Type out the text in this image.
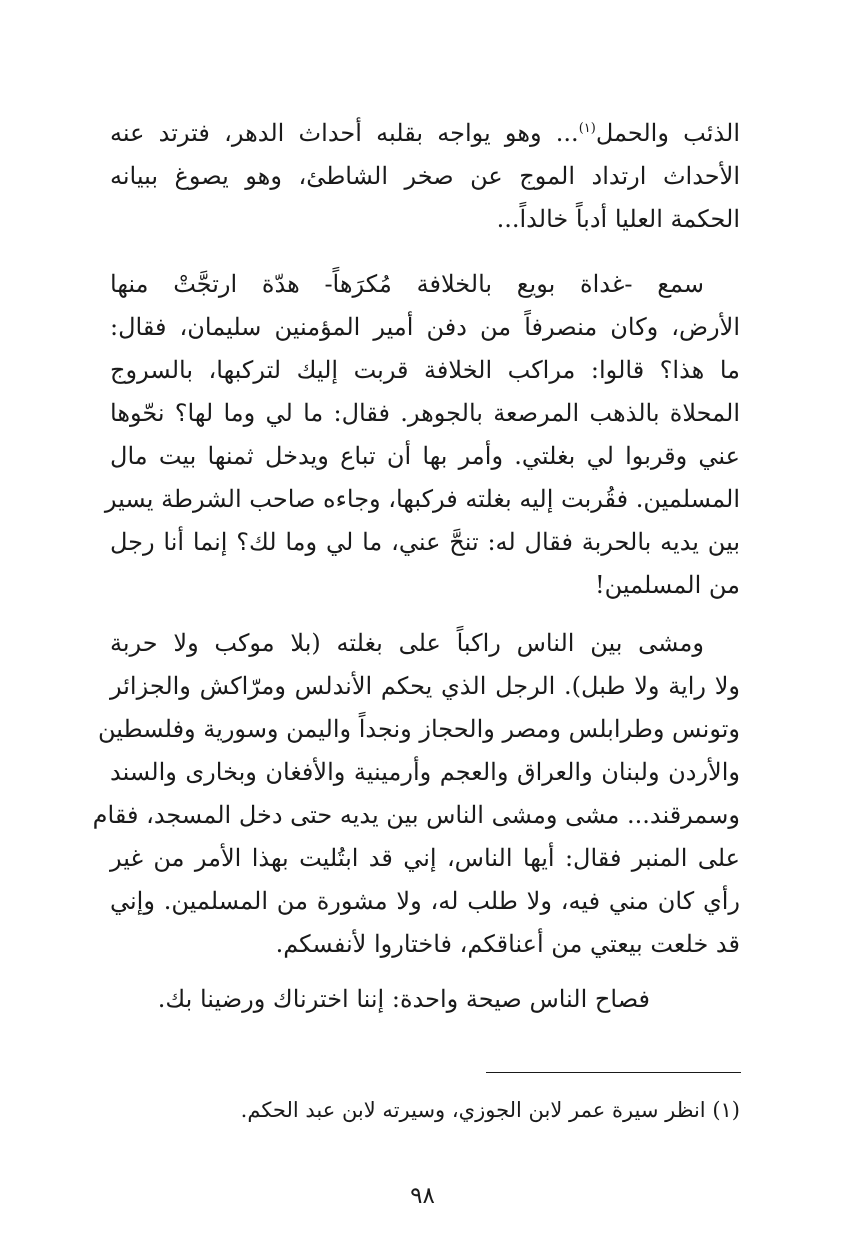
الذئب والحمل$^{(١)}$... وهو يواجه بقلبه أحداث الدهر، فترتد عنه
الأحداث ارتداد الموج عن صخر الشاطئ، وهو يصوغ ببيانه
الحكمة العليا أدباً خالداً...
سمع -غداة بويع بالخلافة مُكرَهاً- هدّة ارتجَّتْ منها
الأرض، وكان منصرفاً من دفن أمير المؤمنين سليمان، فقال:
ما هذا؟ قالوا: مراكب الخلافة قربت إليك لتركبها، بالسروج
المحلاة بالذهب المرصعة بالجوهر. فقال: ما لي وما لها؟ نحّوها
عني وقربوا لي بغلتي. وأمر بها أن تباع ويدخل ثمنها بيت مال
المسلمين. فقُربت إليه بغلته فركبها، وجاءه صاحب الشرطة يسير
بين يديه بالحربة فقال له: تنحَّ عني، ما لي وما لك؟ إنما أنا رجل
من المسلمين!
ومشى بين الناس راكباً على بغلته (بلا موكب ولا حربة
ولا راية ولا طبل). الرجل الذي يحكم الأندلس ومرّاكش والجزائر
وتونس وطرابلس ومصر والحجاز ونجداً واليمن وسورية وفلسطين
والأردن ولبنان والعراق والعجم وأرمينية والأفغان وبخارى والسند
وسمرقند... مشى ومشى الناس بين يديه حتى دخل المسجد، فقام
على المنبر فقال: أيها الناس، إني قد ابتُليت بهذا الأمر من غير
رأي كان مني فيه، ولا طلب له، ولا مشورة من المسلمين. وإني
قد خلعت بيعتي من أعناقكم، فاختاروا لأنفسكم.
فصاح الناس صيحة واحدة: إننا اخترناك ورضينا بك.
(١) انظر سيرة عمر لابن الجوزي، وسيرته لابن عبد الحكم.
٩٨
